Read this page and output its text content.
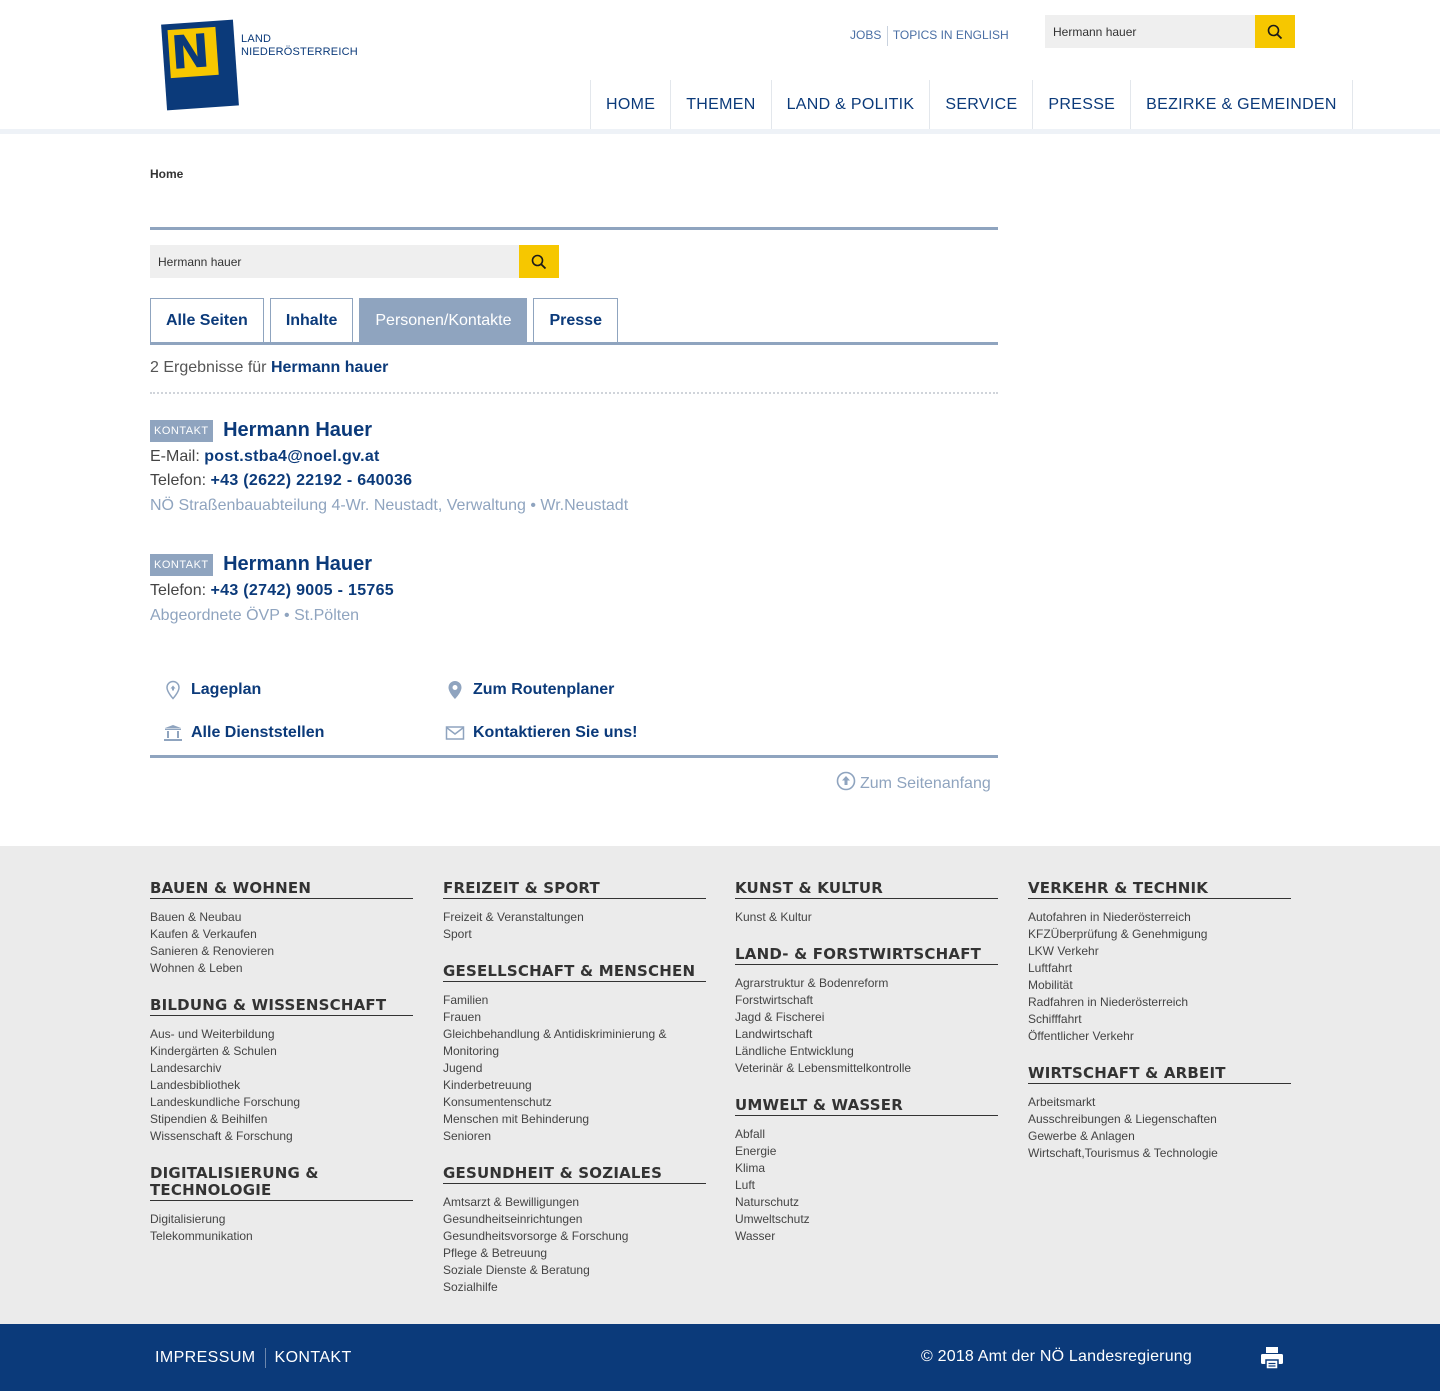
N	LAND
NIEDERÖSTERREICH
JOBS TOPICS IN ENGLISH
Hermann hauer
HOME	THEMEN	LAND & POLITIK	SERVICE	PRESSE	BEZIRKE & GEMEINDEN
Home
Hermann hauer
Alle Seiten	Inhalte	Personen/Kontakte	Presse
2 Ergebnisse für Hermann hauer
KONTAKT Hermann Hauer
E-Mail: post.stba4@noel.gv.at
Telefon: +43 (2622) 22192 - 640036
NÖ Straßenbauabteilung 4-Wr. Neustadt, Verwaltung • Wr.Neustadt
KONTAKT Hermann Hauer
Telefon: +43 (2742) 9005 - 15765
Abgeordnete ÖVP • St.Pölten
Lageplan	Zum Routenplaner
Alle Dienststellen	Kontaktieren Sie uns!
Zum Seitenanfang
BAUEN & WOHNEN
Bauen & Neubau
Kaufen & Verkaufen
Sanieren & Renovieren
Wohnen & Leben
BILDUNG & WISSENSCHAFT
Aus- und Weiterbildung
Kindergärten & Schulen
Landesarchiv
Landesbibliothek
Landeskundliche Forschung
Stipendien & Beihilfen
Wissenschaft & Forschung
DIGITALISIERUNG & TECHNOLOGIE
Digitalisierung
Telekommunikation
FREIZEIT & SPORT
Freizeit & Veranstaltungen
Sport
GESELLSCHAFT & MENSCHEN
Familien
Frauen
Gleichbehandlung & Antidiskriminierung & Monitoring
Jugend
Kinderbetreuung
Konsumentenschutz
Menschen mit Behinderung
Senioren
GESUNDHEIT & SOZIALES
Amtsarzt & Bewilligungen
Gesundheitseinrichtungen
Gesundheitsvorsorge & Forschung
Pflege & Betreuung
Soziale Dienste & Beratung
Sozialhilfe
KUNST & KULTUR
Kunst & Kultur
LAND- & FORSTWIRTSCHAFT
Agrarstruktur & Bodenreform
Forstwirtschaft
Jagd & Fischerei
Landwirtschaft
Ländliche Entwicklung
Veterinär & Lebensmittelkontrolle
UMWELT & WASSER
Abfall
Energie
Klima
Luft
Naturschutz
Umweltschutz
Wasser
VERKEHR & TECHNIK
Autofahren in Niederösterreich
KFZÜberprüfung & Genehmigung
LKW Verkehr
Luftfahrt
Mobilität
Radfahren in Niederösterreich
Schifffahrt
Öffentlicher Verkehr
WIRTSCHAFT & ARBEIT
Arbeitsmarkt
Ausschreibungen & Liegenschaften
Gewerbe & Anlagen
Wirtschaft,Tourismus & Technologie
IMPRESSUM KONTAKT	© 2018 Amt der NÖ Landesregierung
